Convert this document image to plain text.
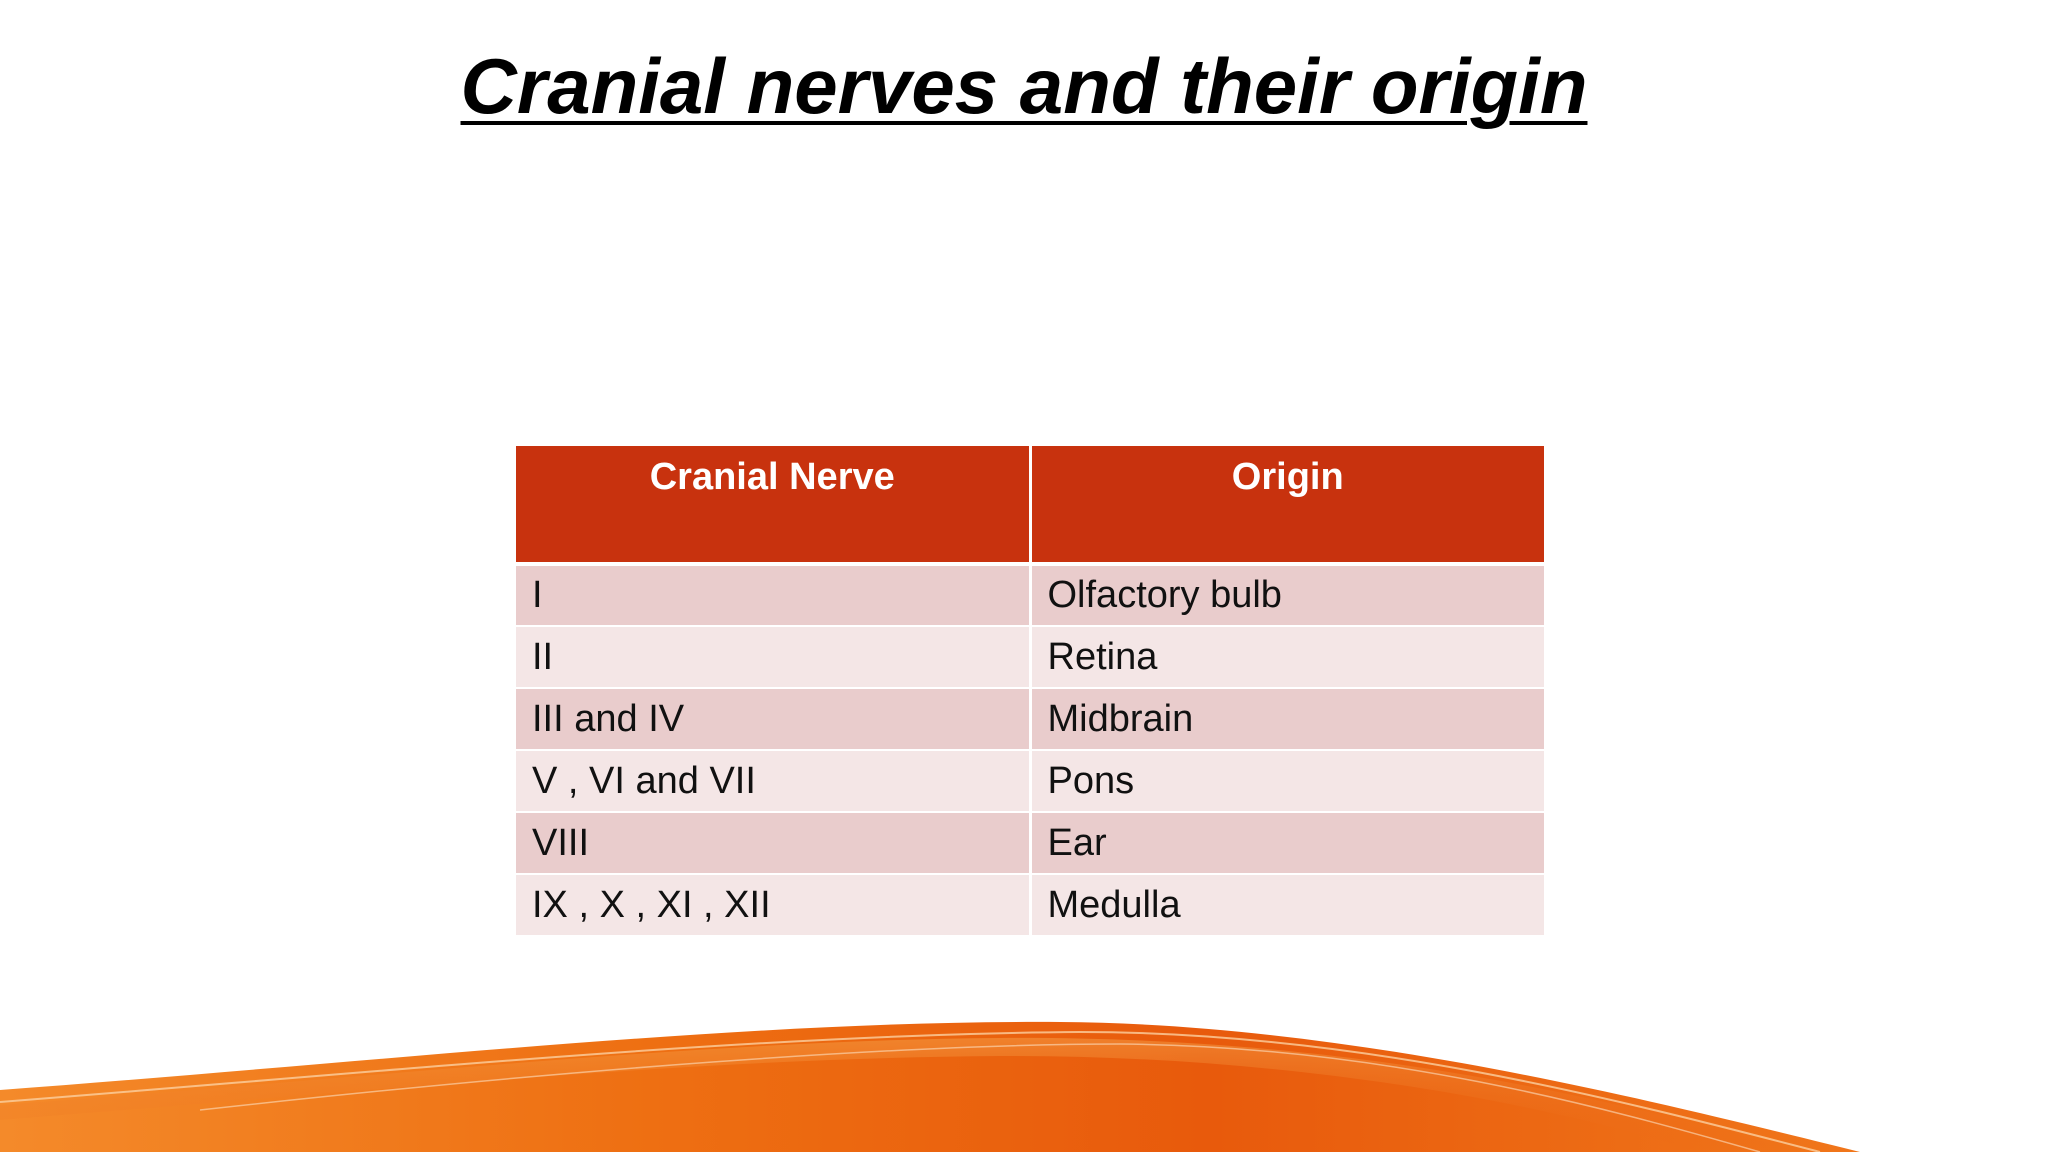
Cranial nerves and their origin
Cranial Nerve	Origin
I	Olfactory bulb
II	Retina
III and IV	Midbrain
V , VI and VII	Pons
VIII	Ear
IX , X , XI , XII	Medulla
